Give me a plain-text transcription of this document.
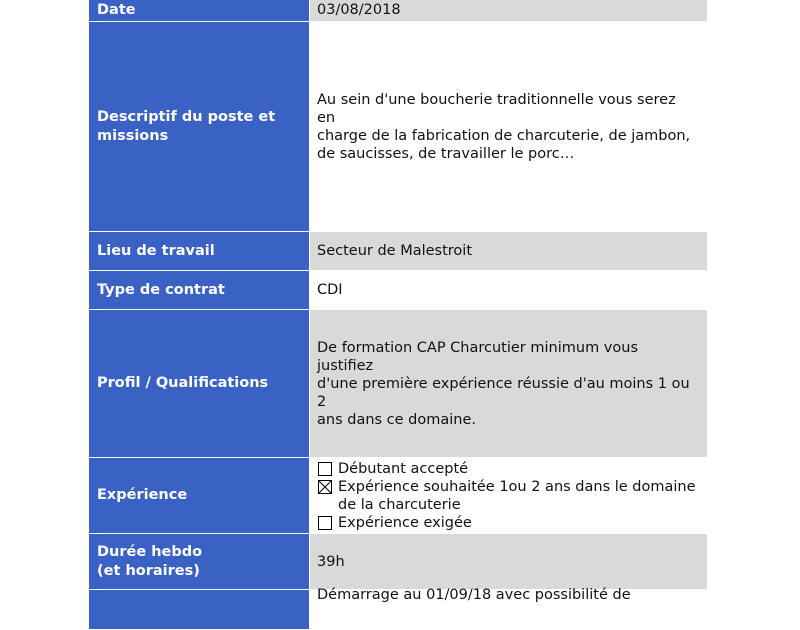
Date	03/08/2018
Descriptif du poste et missions	Au sein d'une boucherie traditionnelle vous serez en
charge de la fabrication de charcuterie, de jambon,
de saucisses, de travailler le porc…
Lieu de travail	Secteur de Malestroit
Type de contrat	CDI
Profil / Qualifications	De formation CAP Charcutier minimum vous justifiez
d'une première expérience réussie d'au moins 1 ou 2
ans dans ce domaine.
Expérience	Débutant accepté
Expérience souhaitée 1ou 2 ans dans le domaine
de la charcuterie
Expérience exigée

Durée hebdo
(et horaires)	39h

	Démarrage au 01/09/18 avec possibilité de
